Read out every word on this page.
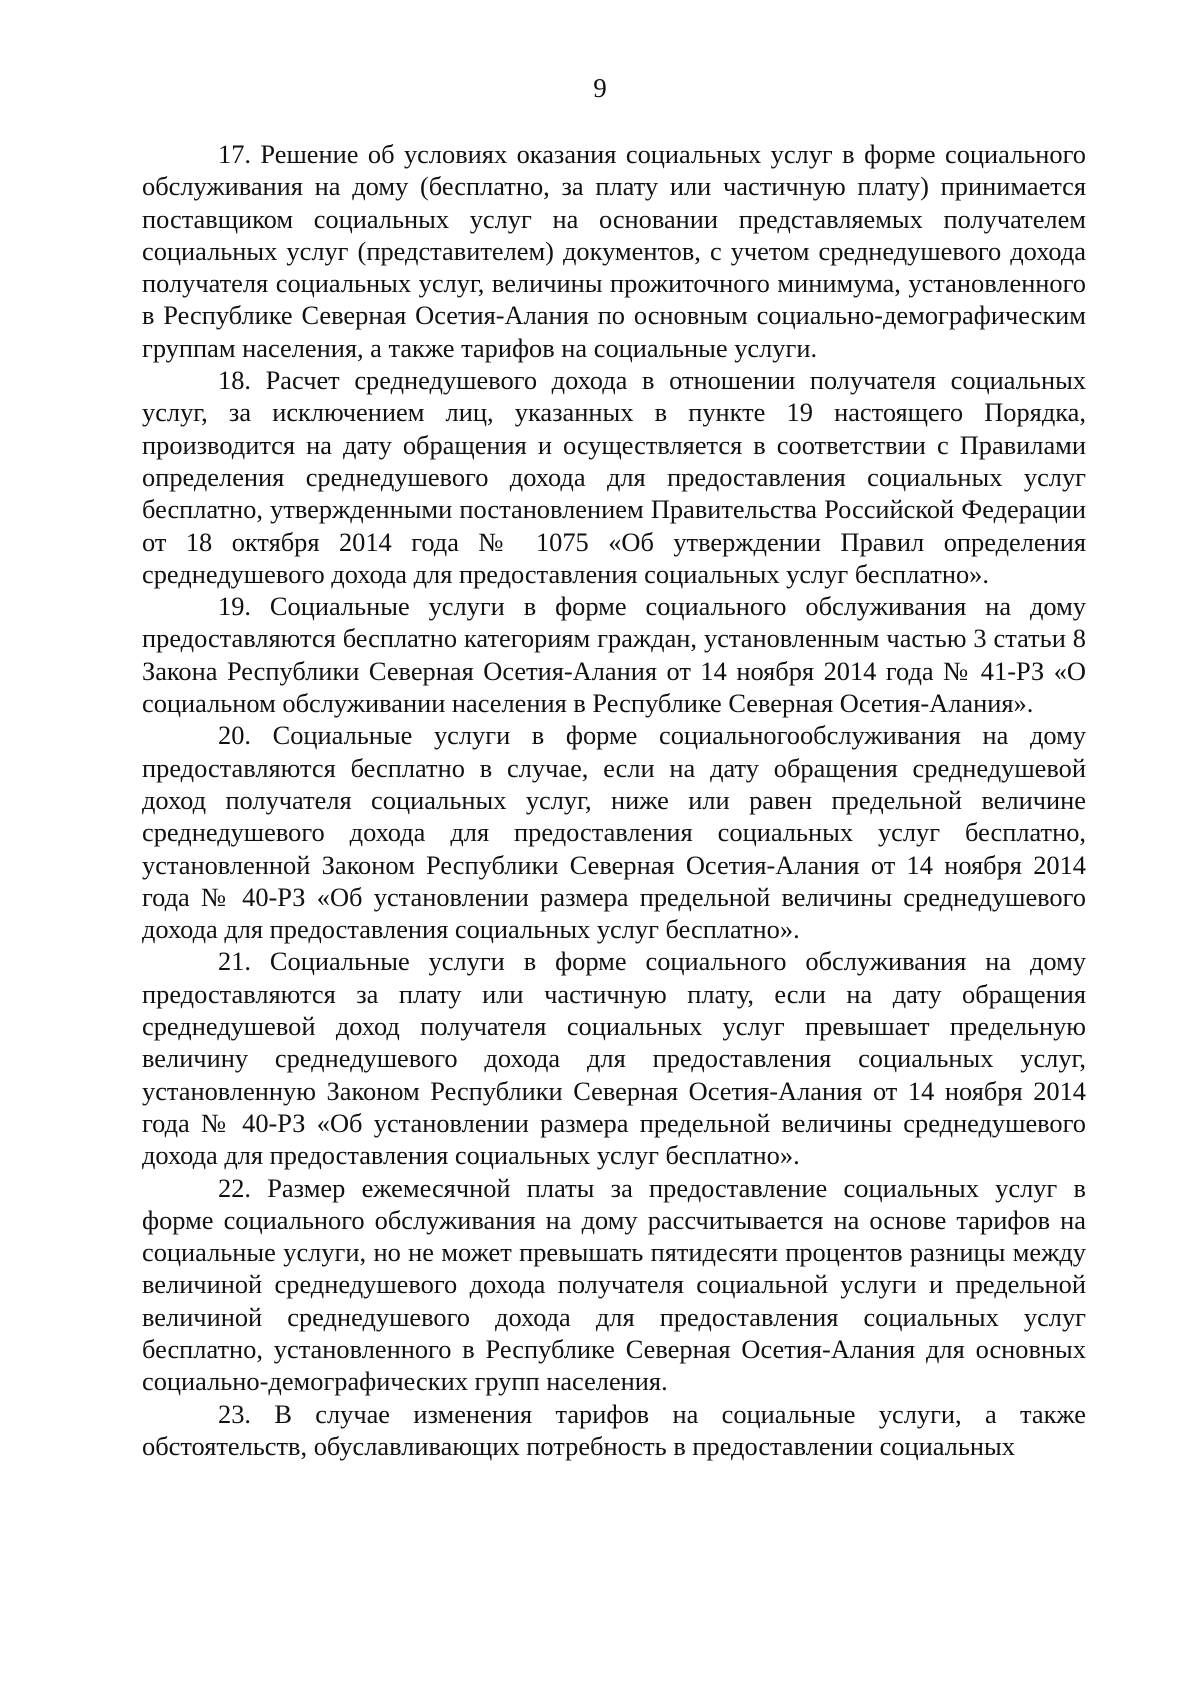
9

17. Решение об условиях оказания социальных услуг в форме социального обслуживания на дому (бесплатно, за плату или частичную плату) принимается поставщиком социальных услуг на основании представляемых получателем социальных услуг (представителем) документов, с учетом среднедушевого дохода получателя социальных услуг, величины прожиточного минимума, установленного в Республике Северная Осетия-Алания по основным социально-демографическим группам населения, а также тарифов на социальные услуги.

18. Расчет среднедушевого дохода в отношении получателя социальных услуг, за исключением лиц, указанных в пункте 19 настоящего Порядка, производится на дату обращения и осуществляется в соответствии с Правилами определения среднедушевого дохода для предоставления социальных услуг бесплатно, утвержденными постановлением Правительства Российской Федерации от 18 октября 2014 года № 1075 «Об утверждении Правил определения среднедушевого дохода для предоставления социальных услуг бесплатно».

19. Социальные услуги в форме социального обслуживания на дому предоставляются бесплатно категориям граждан, установленным частью 3 статьи 8 Закона Республики Северная Осетия-Алания от 14 ноября 2014 года № 41-РЗ «О социальном обслуживании населения в Республике Северная Осетия-Алания».

20. Социальные услуги в форме социальногообслуживания на дому предоставляются бесплатно в случае, если на дату обращения среднедушевой доход получателя социальных услуг, ниже или равен предельной величине среднедушевого дохода для предоставления социальных услуг бесплатно, установленной Законом Республики Северная Осетия-Алания от 14 ноября 2014 года № 40-РЗ «Об установлении размера предельной величины среднедушевого дохода для предоставления социальных услуг бесплатно».

21. Социальные услуги в форме социального обслуживания на дому предоставляются за плату или частичную плату, если на дату обращения среднедушевой доход получателя социальных услуг превышает предельную величину среднедушевого дохода для предоставления социальных услуг, установленную Законом Республики Северная Осетия-Алания от 14 ноября 2014 года № 40-РЗ «Об установлении размера предельной величины среднедушевого дохода для предоставления социальных услуг бесплатно».

22. Размер ежемесячной платы за предоставление социальных услуг в форме социального обслуживания на дому рассчитывается на основе тарифов на социальные услуги, но не может превышать пятидесяти процентов разницы между величиной среднедушевого дохода получателя социальной услуги и предельной величиной среднедушевого дохода для предоставления социальных услуг бесплатно, установленного в Республике Северная Осетия-Алания для основных социально-демографических групп населения.

23. В случае изменения тарифов на социальные услуги, а также обстоятельств, обуславливающих потребность в предоставлении социальных
